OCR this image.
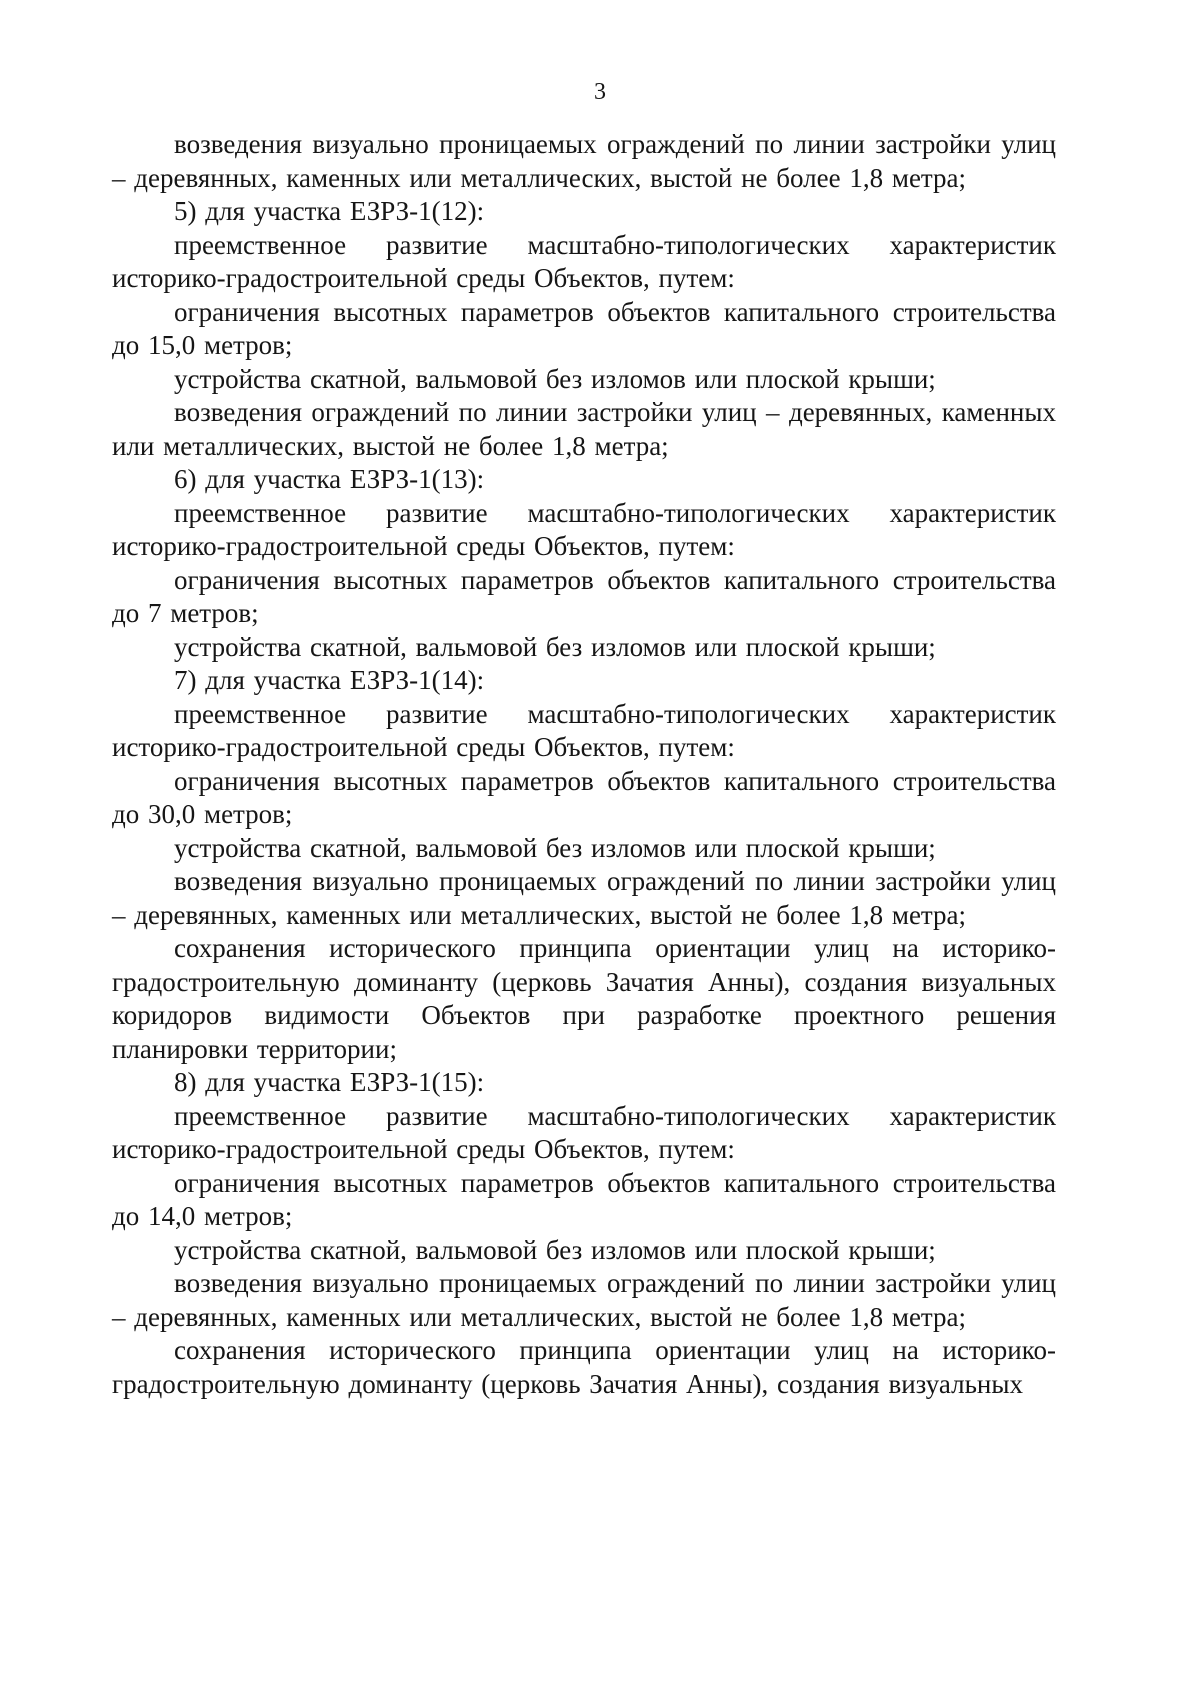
3

возведения визуально проницаемых ограждений по линии застройки улиц – деревянных, каменных или металлических, выстой не более 1,8 метра;

5) для участка ЕЗРЗ-1(12):

преемственное развитие масштабно-типологических характеристик историко-градостроительной среды Объектов, путем:

ограничения высотных параметров объектов капитального строительства до 15,0 метров;

устройства скатной, вальмовой без изломов или плоской крыши;

возведения ограждений по линии застройки улиц – деревянных, каменных или металлических, выстой не более 1,8 метра;

6) для участка ЕЗРЗ-1(13):

преемственное развитие масштабно-типологических характеристик историко-градостроительной среды Объектов, путем:

ограничения высотных параметров объектов капитального строительства до 7 метров;

устройства скатной, вальмовой без изломов или плоской крыши;

7) для участка ЕЗРЗ-1(14):

преемственное развитие масштабно-типологических характеристик историко-градостроительной среды Объектов, путем:

ограничения высотных параметров объектов капитального строительства до 30,0 метров;

устройства скатной, вальмовой без изломов или плоской крыши;

возведения визуально проницаемых ограждений по линии застройки улиц – деревянных, каменных или металлических, выстой не более 1,8 метра;

сохранения исторического принципа ориентации улиц на историко-градостроительную доминанту (церковь Зачатия Анны), создания визуальных коридоров видимости Объектов при разработке проектного решения планировки территории;

8) для участка ЕЗРЗ-1(15):

преемственное развитие масштабно-типологических характеристик историко-градостроительной среды Объектов, путем:

ограничения высотных параметров объектов капитального строительства до 14,0 метров;

устройства скатной, вальмовой без изломов или плоской крыши;

возведения визуально проницаемых ограждений по линии застройки улиц – деревянных, каменных или металлических, выстой не более 1,8 метра;

сохранения исторического принципа ориентации улиц на историко-градостроительную доминанту (церковь Зачатия Анны), создания визуальных
